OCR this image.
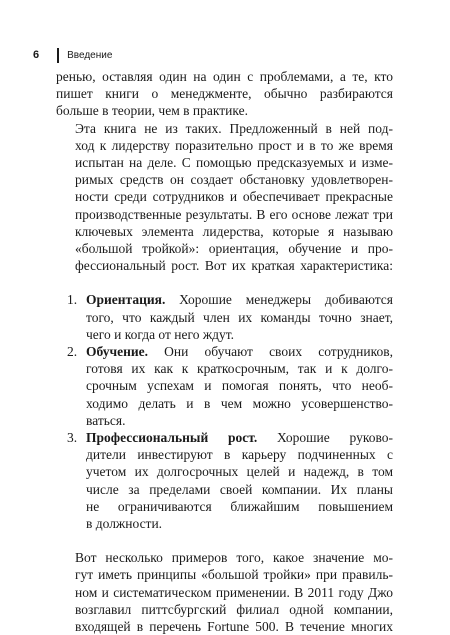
6	Введение

ренью, оставляя один на один с проблемами, а те, кто
пишет книги о менеджменте, обычно разбираются
больше в теории, чем в практике.

Эта книга не из таких. Предложенный в ней под-
ход к лидерству поразительно прост и в то же время
испытан на деле. С помощью предсказуемых и изме-
римых средств он создает обстановку удовлетворен-
ности среди сотрудников и обеспечивает прекрасные
производственные результаты. В его основе лежат три
ключевых элемента лидерства, которые я называю
«большой тройкой»: ориентация, обучение и про-
фессиональный рост. Вот их краткая характеристика:

1. Ориентация. Хорошие менеджеры добиваются
того, что каждый член их команды точно знает,
чего и когда от него ждут.
2. Обучение. Они обучают своих сотрудников,
готовя их как к краткосрочным, так и к долго-
срочным успехам и помогая понять, что необ-
ходимо делать и в чем можно усовершенство-
ваться.
3. Профессиональный рост. Хорошие руково-
дители инвестируют в карьеру подчиненных с
учетом их долгосрочных целей и надежд, в том
числе за пределами своей компании. Их планы
не ограничиваются ближайшим повышением
в должности.

Вот несколько примеров того, какое значение мо-
гут иметь принципы «большой тройки» при правиль-
ном и систематическом применении. В 2011 году Джо
возглавил питтсбургский филиал одной компании,
входящей в перечень Fortune 500. В течение многих
